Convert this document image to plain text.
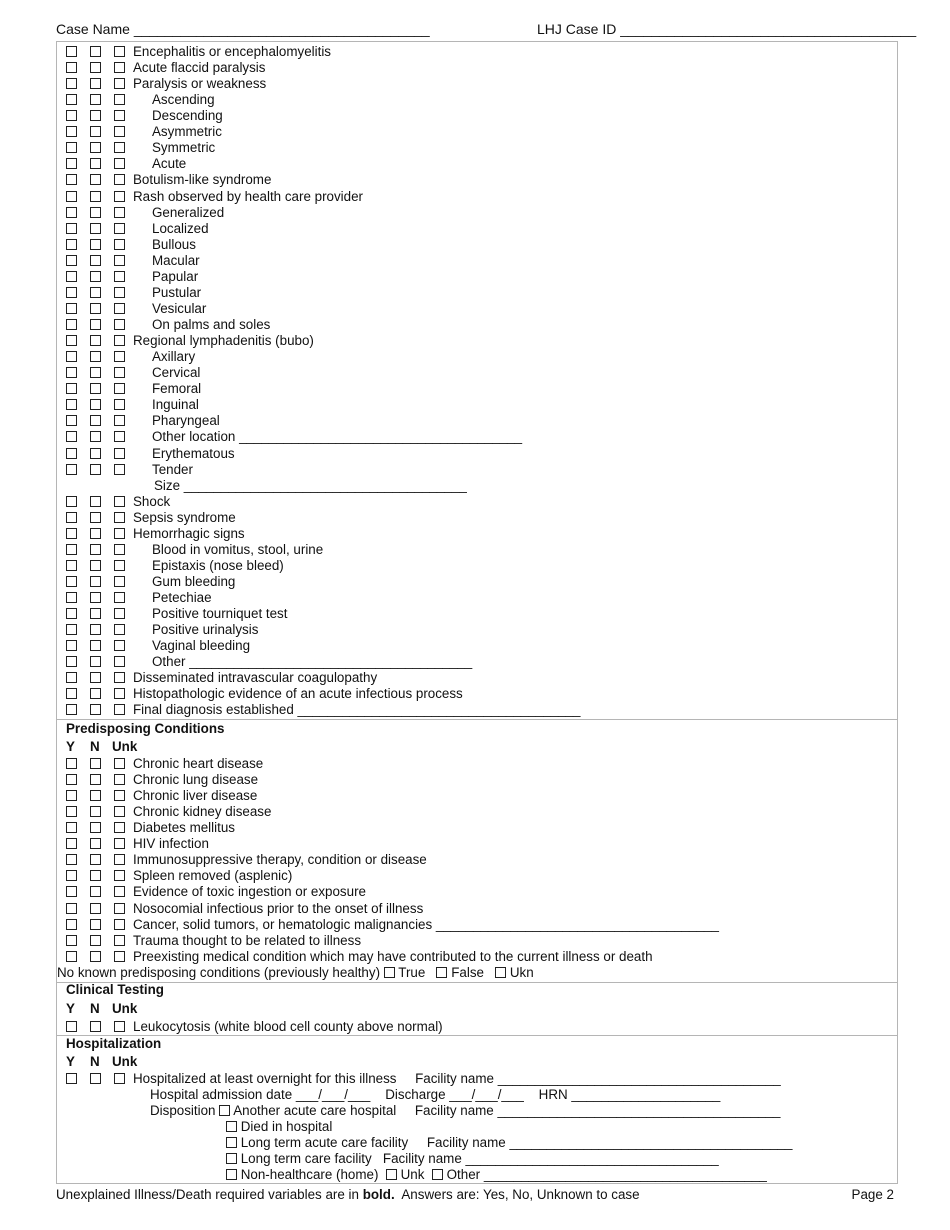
Case Name ______________________________________	LHJ Case ID ______________________________________
Encephalitis or encephalomyelitis
Acute flaccid paralysis
Paralysis or weakness
Ascending
Descending
Asymmetric
Symmetric
Acute
Botulism-like syndrome
Rash observed by health care provider
Generalized
Localized
Bullous
Macular
Papular
Pustular
Vesicular
On palms and soles
Regional lymphadenitis (bubo)
Axillary
Cervical
Femoral
Inguinal
Pharyngeal
Other location ______________________________________
Erythematous
Tender
Size ______________________________________
Shock
Sepsis syndrome
Hemorrhagic signs
Blood in vomitus, stool, urine
Epistaxis (nose bleed)
Gum bleeding
Petechiae
Positive tourniquet test
Positive urinalysis
Vaginal bleeding
Other ______________________________________
Disseminated intravascular coagulopathy
Histopathologic evidence of an acute infectious process
Final diagnosis established ______________________________________
Predisposing Conditions
Y N Unk
Chronic heart disease
Chronic lung disease
Chronic liver disease
Chronic kidney disease
Diabetes mellitus
HIV infection
Immunosuppressive therapy, condition or disease
Spleen removed (asplenic)
Evidence of toxic ingestion or exposure
Nosocomial infectious prior to the onset of illness
Cancer, solid tumors, or hematologic malignancies ______________________________________
Trauma thought to be related to illness
Preexisting medical condition which may have contributed to the current illness or death
No known predisposing conditions (previously healthy) True False Ukn
Clinical Testing
Y N Unk
Leukocytosis (white blood cell county above normal)
Hospitalization
Y N Unk
Hospitalized at least overnight for this illness Facility name ______________________________________
Hospital admission date ___/___/___ Discharge ___/___/___ HRN ____________________
Disposition Another acute care hospital Facility name ______________________________________
Died in hospital
Long term acute care facility Facility name ______________________________________
Long term care facility Facility name __________________________________
Non-healthcare (home) Unk Other ______________________________________
Unexplained Illness/Death required variables are in bold. Answers are: Yes, No, Unknown to case	Page 2
